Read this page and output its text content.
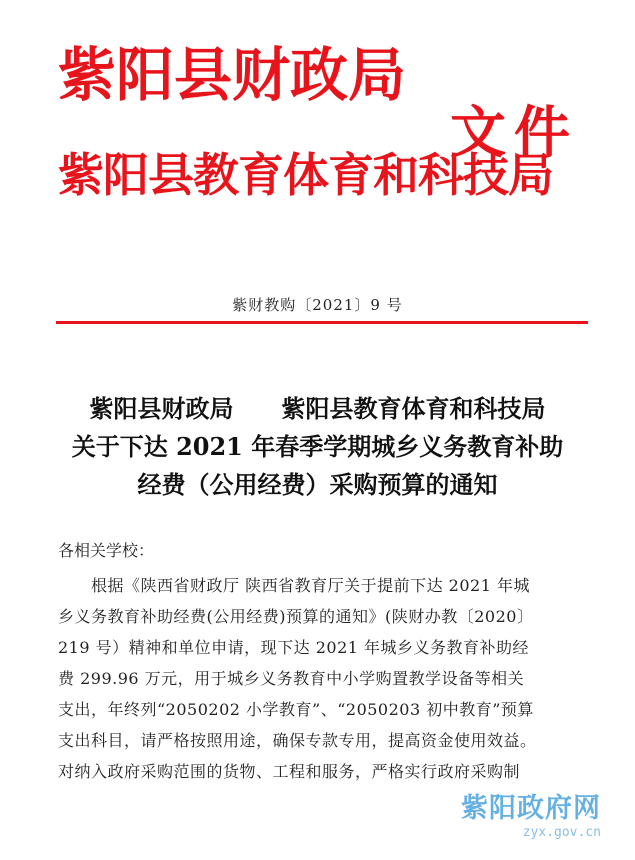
紫阳县财政局
紫阳县教育体育和科技局
文件
紫财教购〔2021〕9 号
紫阳县财政局　　紫阳县教育体育和科技局
关于下达 2021 年春季学期城乡义务教育补助
经费（公用经费）采购预算的通知
各相关学校：
　　根据《陕西省财政厅 陕西省教育厅关于提前下达 2021 年城
乡义务教育补助经费(公用经费)预算的通知》(陕财办教〔2020〕
219 号）精神和单位申请，现下达 2021 年城乡义务教育补助经
费 299.96 万元，用于城乡义务教育中小学购置教学设备等相关
支出，年终列“2050202 小学教育”、“2050203 初中教育”预算
支出科目，请严格按照用途，确保专款专用，提高资金使用效益。
对纳入政府采购范围的货物、工程和服务，严格实行政府采购制
紫阳政府网
zyx.gov.cn
